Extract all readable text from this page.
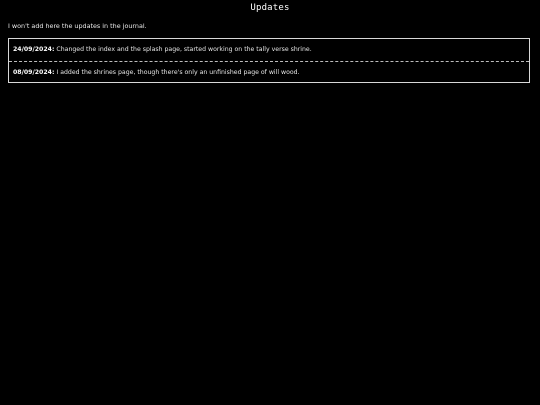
Updates
I won't add here the updates in the journal.
24/09/2024: Changed the index and the splash page, started working on the tally verse shrine.
08/09/2024: I added the shrines page, though there's only an unfinished page of will wood.
